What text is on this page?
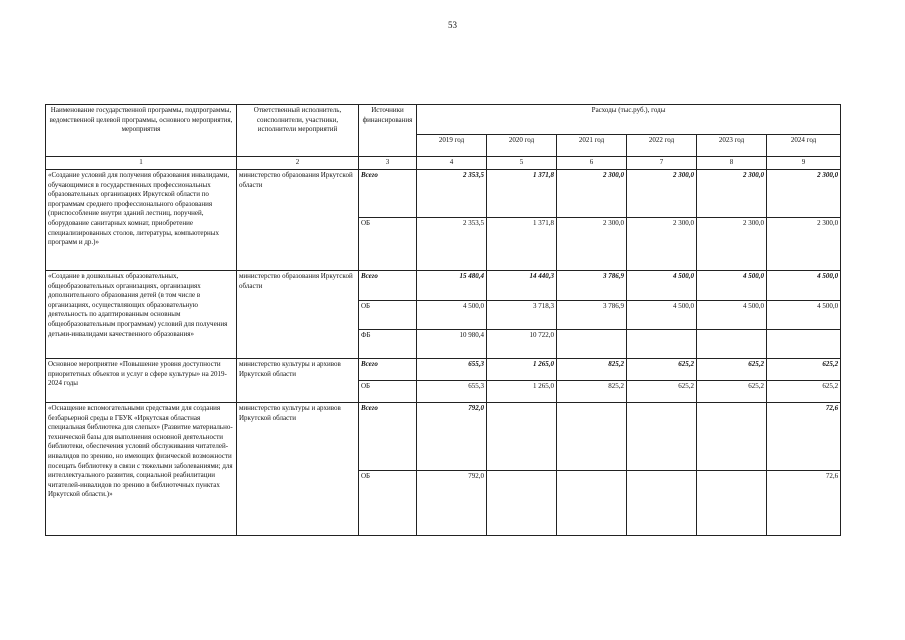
53
Наименование государственной программы, подпрограммы, ведомственной целевой программы, основного мероприятия, мероприятия	Ответственный исполнитель, соисполнители, участники, исполнители мероприятий	Источники финансирования	Расходы (тыс.руб.), годы					
			2019 год	2020 год	2021 год	2022 год	2023 год	2024 год
1	2	3	4	5	6	7	8	9
«Создание условий для получения образования инвалидами, обучающимися в государственных профессиональных образовательных организациях Иркутской области по программам среднего профессионального образования (приспособление внутри зданий лестниц, поручней, оборудование санитарных комнат, приобретение специализированных столов, литературы, компьютерных программ и др.)»	министерство образования Иркутской области	Всего	2 353,5	1 371,8	2 300,0	2 300,0	2 300,0	2 300,0
		ОБ	2 353,5	1 371,8	2 300,0	2 300,0	2 300,0	2 300,0
«Создание в дошкольных образовательных, общеобразовательных организациях, организациях дополнительного образования детей (в том числе в организациях, осуществляющих образовательную деятельность по адаптированным основным общеобразовательным программам) условий для получения детьми-инвалидами качественного образования»	министерство образования Иркутской области	Всего	15 480,4	14 440,3	3 786,9	4 500,0	4 500,0	4 500,0
		ОБ	4 500,0	3 718,3	3 786,9	4 500,0	4 500,0	4 500,0
		ФБ	10 980,4	10 722,0				
Основное мероприятие «Повышение уровня доступности приоритетных объектов и услуг в сфере культуры» на 2019-2024 годы	министерство культуры и архивов Иркутской области	Всего	655,3	1 265,0	825,2	625,2	625,2	625,2
		ОБ	655,3	1 265,0	825,2	625,2	625,2	625,2
«Оснащение вспомогательными средствами для создания безбарьерной среды в ГБУК «Иркутская областная специальная библиотека для слепых» (Развитие материально-технической базы для выполнения основной деятельности библиотеки, обеспечения условий обслуживания читателей-инвалидов по зрению, но имеющих физической возможности посещать библиотеку в связи с тяжелыми заболеваниями; для интеллектуального развития, социальной реабилитации читателей-инвалидов по зрению в библиотечных пунктах Иркутской области.)»	министерство культуры и архивов Иркутской области	Всего	792,0					72,6
		ОБ	792,0					72,6
